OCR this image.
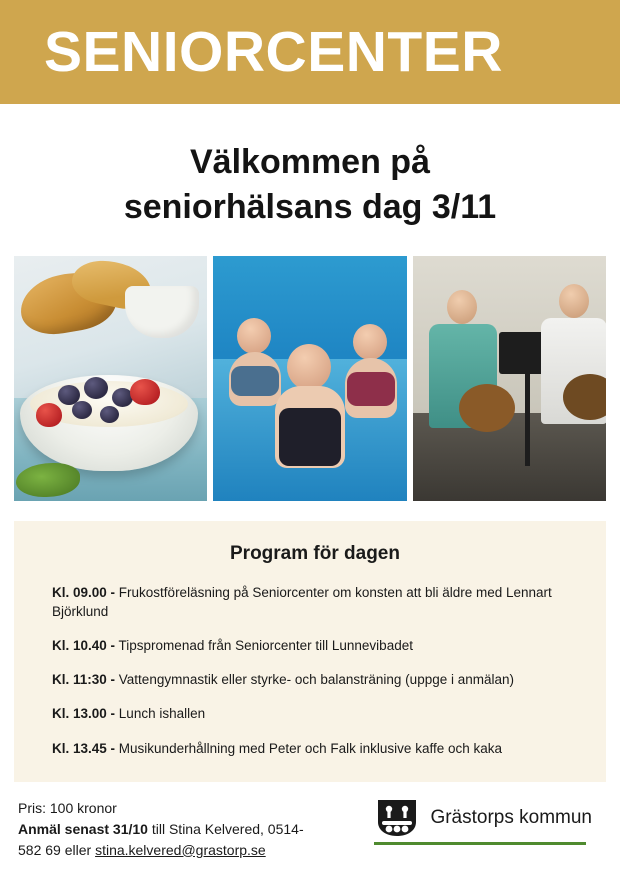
SENIORCENTER
Välkommen på
seniorhälsans dag 3/11
Program för dagen
Kl. 09.00 - Frukostföreläsning på Seniorcenter om konsten att bli äldre med Lennart Björklund
Kl. 10.40 - Tipspromenad från Seniorcenter till Lunnevibadet
Kl. 11:30 - Vattengymnastik eller styrke- och balansträning (uppge i anmälan)
Kl. 13.00 - Lunch ishallen
Kl. 13.45 - Musikunderhållning med Peter och Falk inklusive kaffe och kaka
Pris: 100 kronor
Anmäl senast 31/10 till Stina Kelvered, 0514-
582 69 eller stina.kelvered@grastorp.se
Grästorps kommun
